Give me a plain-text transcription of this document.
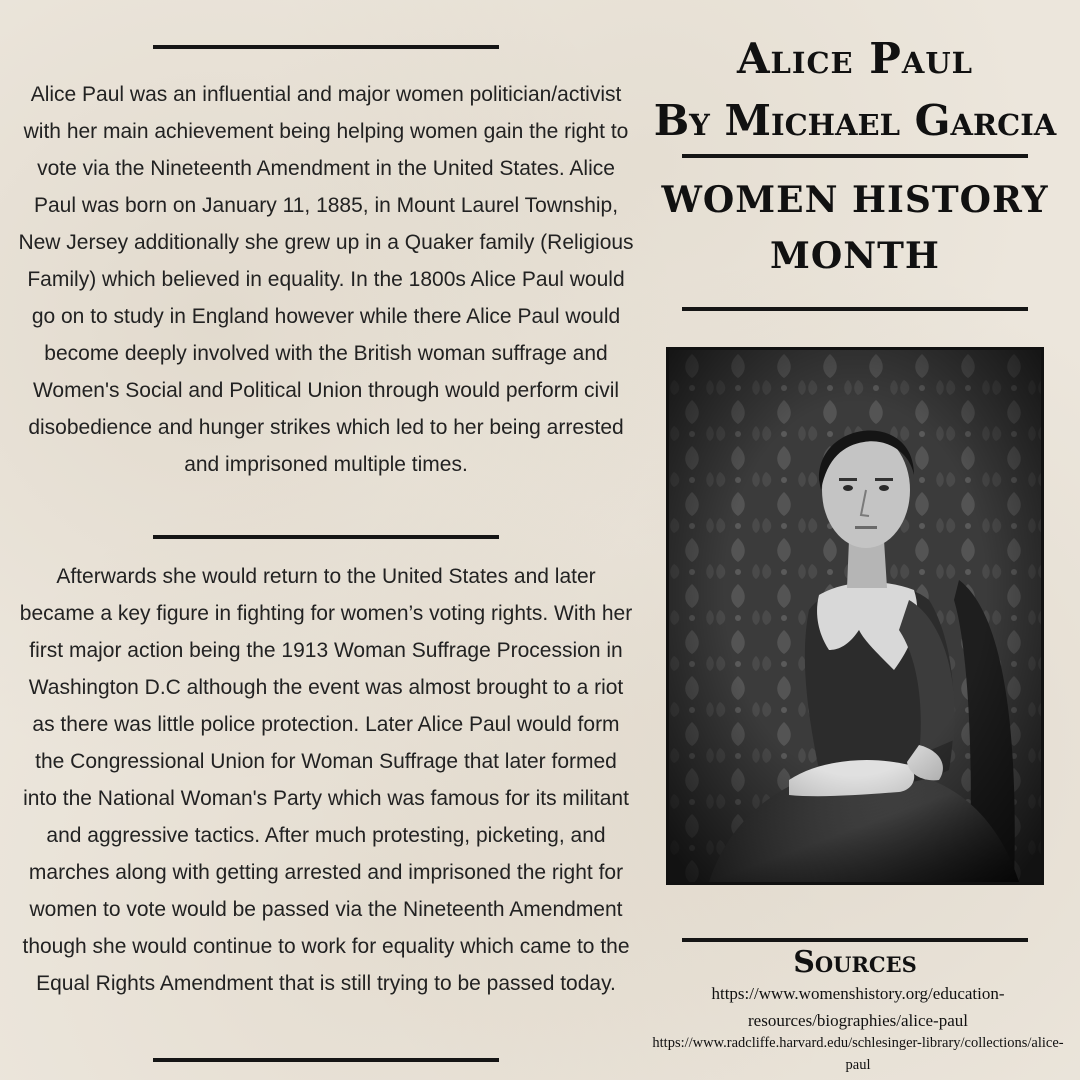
Alice Paul was an influential and major women politician/activist with her main achievement being helping women gain the right to vote via the Nineteenth Amendment in the United States. Alice Paul was born on January 11, 1885, in Mount Laurel Township, New Jersey additionally she grew up in a Quaker family (Religious Family) which believed in equality. In the 1800s Alice Paul would go on to study in England however while there Alice Paul would become deeply involved with the British woman suffrage and Women's Social and Political Union through would perform civil disobedience and hunger strikes which led to her being arrested and imprisoned multiple times.

Afterwards she would return to the United States and later became a key figure in fighting for women’s voting rights. With her first major action being the 1913 Woman Suffrage Procession in Washington D.C although the event was almost brought to a riot as there was little police protection. Later Alice Paul would form the Congressional Union for Woman Suffrage that later formed into the National Woman's Party which was famous for its militant and aggressive tactics. After much protesting, picketing, and marches along with getting arrested and imprisoned the right for women to vote would be passed via the Nineteenth Amendment though she would continue to work for equality which came to the Equal Rights Amendment that is still trying to be passed today.

Alice Paul
By Michael Garcia
WOMEN HISTORY
MONTH
Sources

https://www.womenshistory.org/education-resources/biographies/alice-paul

https://www.radcliffe.harvard.edu/schlesinger-library/collections/alice-paul
